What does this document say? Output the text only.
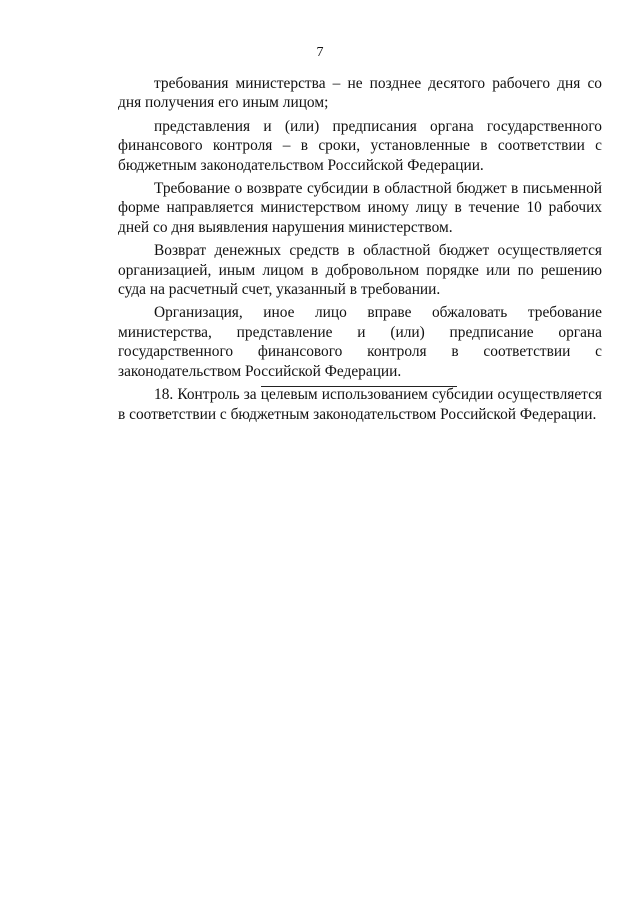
7

требования министерства – не позднее десятого рабочего дня со дня получения его иным лицом;

представления и (или) предписания органа государственного финансового контроля – в сроки, установленные в соответствии с бюджетным законодательством Российской Федерации.

Требование о возврате субсидии в областной бюджет в письменной форме направляется министерством иному лицу в течение 10 рабочих дней со дня выявления нарушения министерством.

Возврат денежных средств в областной бюджет осуществляется организацией, иным лицом в добровольном порядке или по решению суда на расчетный счет, указанный в требовании.

Организация, иное лицо вправе обжаловать требование министерства, представление и (или) предписание органа государственного финансового контроля в соответствии с законодательством Российской Федерации.

18. Контроль за целевым использованием субсидии осуществляется в соответствии с бюджетным законодательством Российской Федерации.
